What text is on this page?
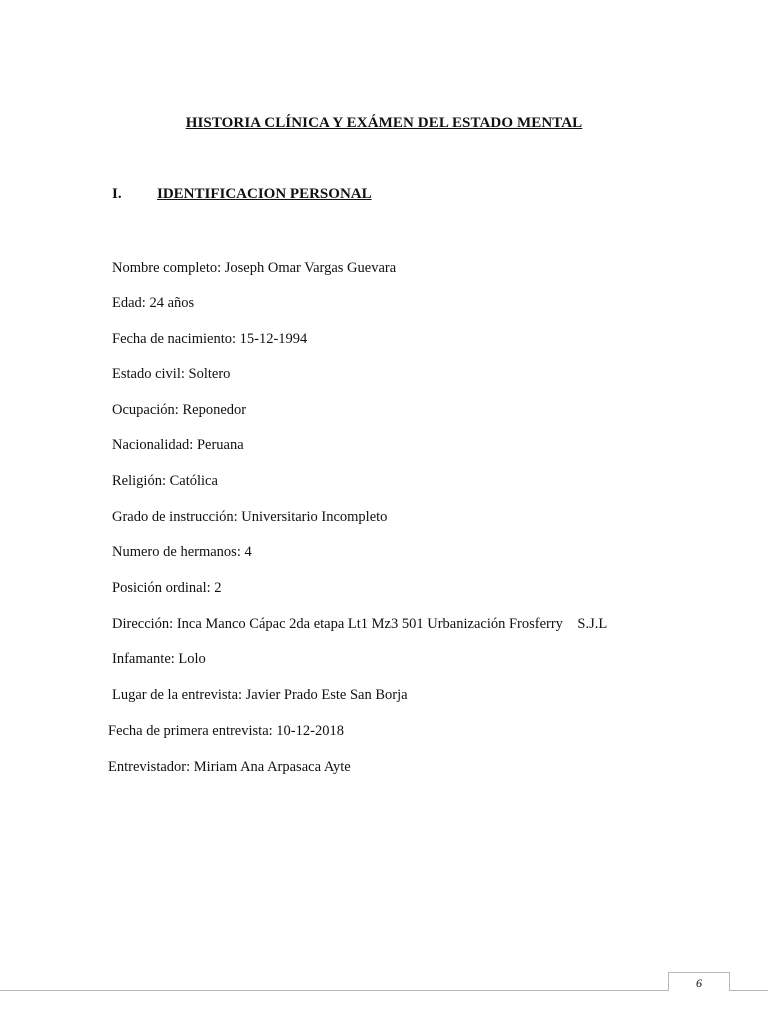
HISTORIA CLÍNICA Y EXÁMEN DEL ESTADO MENTAL
I. IDENTIFICACION PERSONAL
Nombre completo: Joseph Omar Vargas Guevara
Edad: 24 años
Fecha de nacimiento: 15-12-1994
Estado civil: Soltero
Ocupación: Reponedor
Nacionalidad: Peruana
Religión: Católica
Grado de instrucción: Universitario Incompleto
Numero de hermanos: 4
Posición ordinal: 2
Dirección: Inca Manco Cápac 2da etapa Lt1 Mz3 501 Urbanización Frosferry    S.J.L
Infamante: Lolo
Lugar de la entrevista: Javier Prado Este San Borja
Fecha de primera entrevista: 10-12-2018
Entrevistador: Miriam Ana Arpasaca Ayte
6
